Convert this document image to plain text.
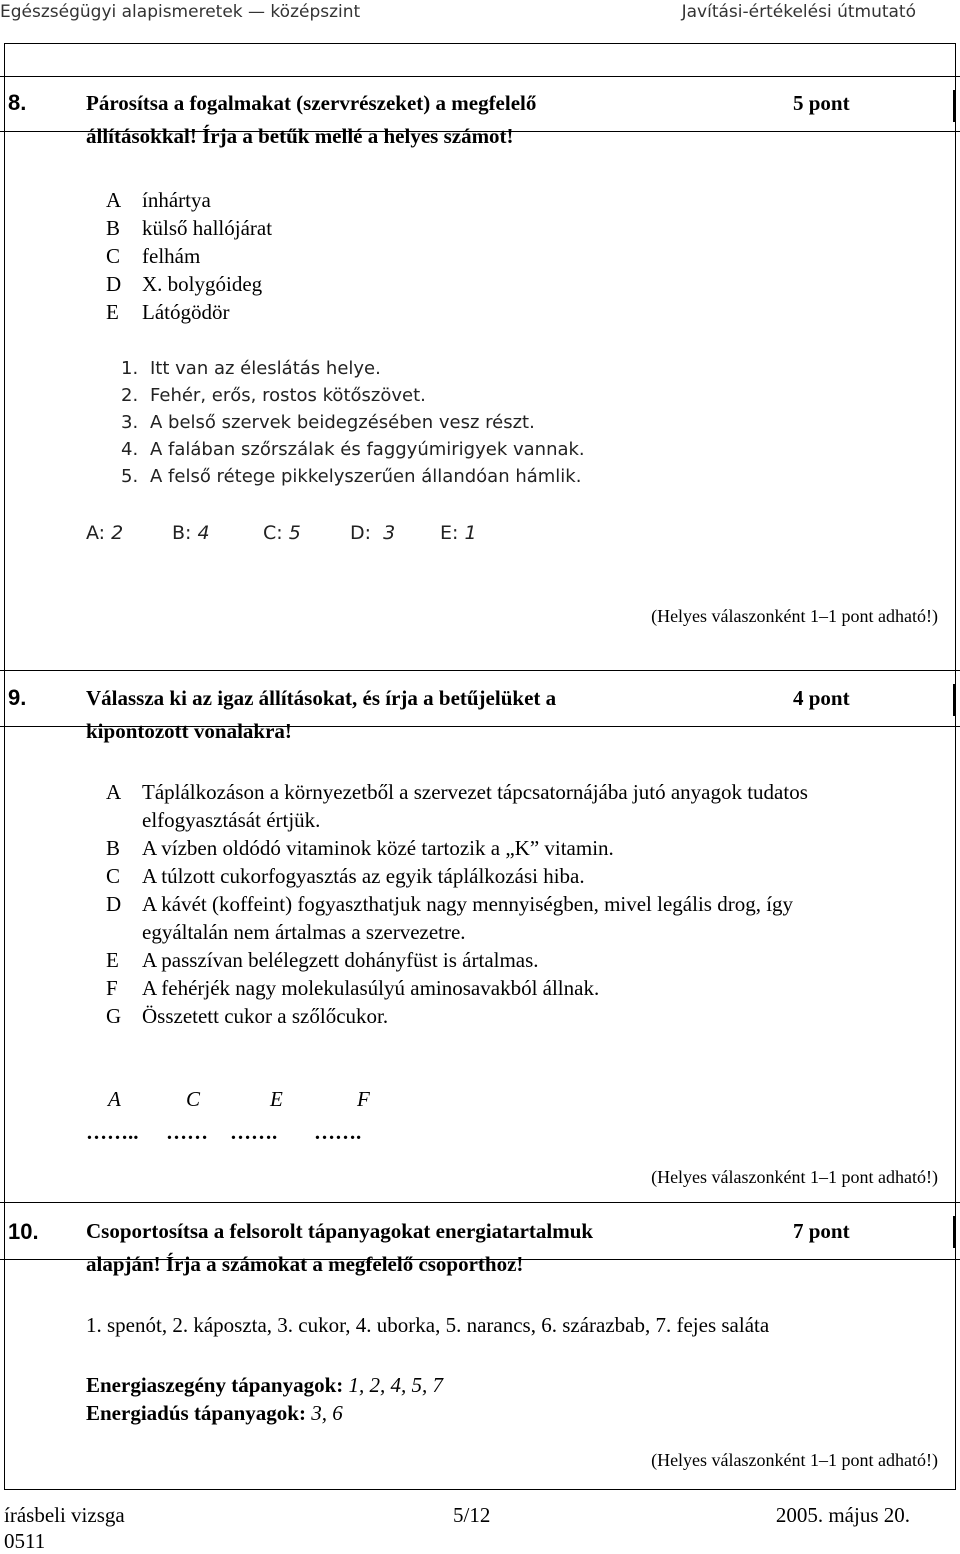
Egészségügyi alapismeretek — középszint	Javítási-értékelési útmutató
8.	Párosítsa a fogalmakat (szervrészeket) a megfelelő
állításokkal! Írja a betűk mellé a helyes számot!
5 pont
A ínhártya
B külső hallójárat
C felhám
D X. bolygóideg
E Látógödör
1. Itt van az éleslátás helye.
2. Fehér, erős, rostos kötőszövet.
3. A belső szervek beidegzésében vesz részt.
4. A falában szőrszálak és faggyúmirigyek vannak.
5. A felső rétege pikkelyszerűen állandóan hámlik.
A: 2	B: 4	C: 5	D: 3 E: 1
(Helyes válaszonként 1–1 pont adható!)
9.	Válassza ki az igaz állításokat, és írja a betűjelüket a
kipontozott vonalakra!
4 pont
A Táplálkozáson a környezetből a szervezet tápcsatornájába jutó anyagok tudatos
elfogyasztását értjük.
B A vízben oldódó vitaminok közé tartozik a „K” vitamin.
C A túlzott cukorfogyasztás az egyik táplálkozási hiba.
D A kávét (koffeint) fogyaszthatjuk nagy mennyiségben, mivel legális drog, így
egyáltalán nem ártalmas a szervezetre.
E A passzívan belélegzett dohányfüst is ártalmas.
F A fehérjék nagy molekulasúlyú aminosavakból állnak.
G Összetett cukor a szőlőcukor.
A	C	E	F
…….. …… ……. …….
(Helyes válaszonként 1–1 pont adható!)
10. Csoportosítsa a felsorolt tápanyagokat energiatartalmuk
alapján! Írja a számokat a megfelelő csoporthoz!
7 pont
1. spenót, 2. káposzta, 3. cukor, 4. uborka, 5. narancs, 6. szárazbab, 7. fejes saláta
Energiaszegény tápanyagok: 1, 2, 4, 5, 7
Energiadús tápanyagok: 3, 6
(Helyes válaszonként 1–1 pont adható!)
írásbeli vizsga
0511
5/12	2005. május 20.
